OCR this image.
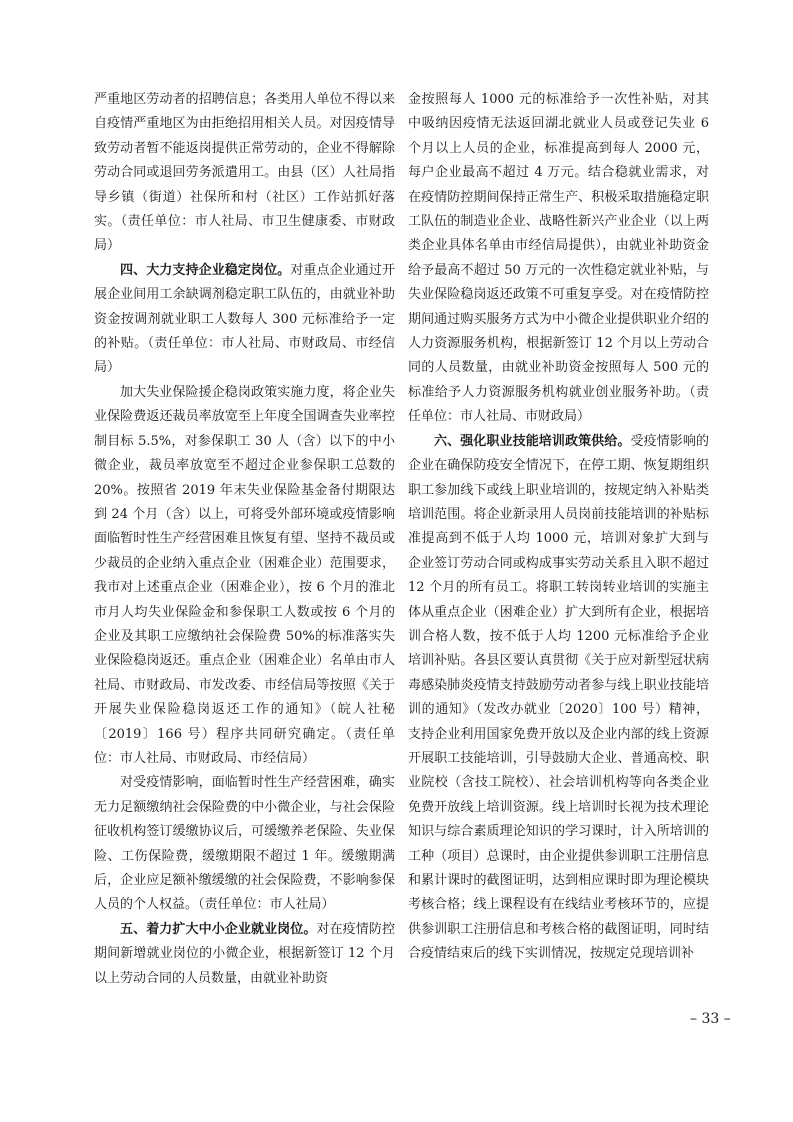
严重地区劳动者的招聘信息；各类用人单位不得以来自疫情严重地区为由拒绝招用相关人员。对因疫情导致劳动者暂不能返岗提供正常劳动的，企业不得解除劳动合同或退回劳务派遣用工。由县（区）人社局指导乡镇（街道）社保所和村（社区）工作站抓好落实。（责任单位：市人社局、市卫生健康委、市财政局）

四、大力支持企业稳定岗位。对重点企业通过开展企业间用工余缺调剂稳定职工队伍的，由就业补助资金按调剂就业职工人数每人 300 元标准给予一定的补贴。（责任单位：市人社局、市财政局、市经信局）

加大失业保险援企稳岗政策实施力度，将企业失业保险费返还裁员率放宽至上年度全国调查失业率控制目标 5.5%，对参保职工 30 人（含）以下的中小微企业，裁员率放宽至不超过企业参保职工总数的 20%。按照省 2019 年末失业保险基金备付期限达到 24 个月（含）以上，可将受外部环境或疫情影响面临暂时性生产经营困难且恢复有望、坚持不裁员或少裁员的企业纳入重点企业（困难企业）范围要求，我市对上述重点企业（困难企业），按 6 个月的淮北市月人均失业保险金和参保职工人数或按 6 个月的企业及其职工应缴纳社会保险费 50%的标准落实失业保险稳岗返还。重点企业（困难企业）名单由市人社局、市财政局、市发改委、市经信局等按照《关于开展失业保险稳岗返还工作的通知》（皖人社秘〔2019〕166 号）程序共同研究确定。（责任单位：市人社局、市财政局、市经信局）

对受疫情影响，面临暂时性生产经营困难，确实无力足额缴纳社会保险费的中小微企业，与社会保险征收机构签订缓缴协议后，可缓缴养老保险、失业保险、工伤保险费，缓缴期限不超过 1 年。缓缴期满后，企业应足额补缴缓缴的社会保险费，不影响参保人员的个人权益。（责任单位：市人社局）

五、着力扩大中小企业就业岗位。对在疫情防控期间新增就业岗位的小微企业，根据新签订 12 个月以上劳动合同的人员数量，由就业补助资

金按照每人 1000 元的标准给予一次性补贴，对其中吸纳因疫情无法返回湖北就业人员或登记失业 6 个月以上人员的企业，标准提高到每人 2000 元，每户企业最高不超过 4 万元。结合稳就业需求，对在疫情防控期间保持正常生产、积极采取措施稳定职工队伍的制造业企业、战略性新兴产业企业（以上两类企业具体名单由市经信局提供），由就业补助资金给予最高不超过 50 万元的一次性稳定就业补贴，与失业保险稳岗返还政策不可重复享受。对在疫情防控期间通过购买服务方式为中小微企业提供职业介绍的人力资源服务机构，根据新签订 12 个月以上劳动合同的人员数量，由就业补助资金按照每人 500 元的标准给予人力资源服务机构就业创业服务补助。（责任单位：市人社局、市财政局）

六、强化职业技能培训政策供给。受疫情影响的企业在确保防疫安全情况下，在停工期、恢复期组织职工参加线下或线上职业培训的，按规定纳入补贴类培训范围。将企业新录用人员岗前技能培训的补贴标准提高到不低于人均 1000 元，培训对象扩大到与企业签订劳动合同或构成事实劳动关系且入职不超过 12 个月的所有员工。将职工转岗转业培训的实施主体从重点企业（困难企业）扩大到所有企业，根据培训合格人数，按不低于人均 1200 元标准给予企业培训补贴。各县区要认真贯彻《关于应对新型冠状病毒感染肺炎疫情支持鼓励劳动者参与线上职业技能培训的通知》（发改办就业〔2020〕100 号）精神，支持企业利用国家免费开放以及企业内部的线上资源开展职工技能培训，引导鼓励大企业、普通高校、职业院校（含技工院校）、社会培训机构等向各类企业免费开放线上培训资源。线上培训时长视为技术理论知识与综合素质理论知识的学习课时，计入所培训的工种（项目）总课时，由企业提供参训职工注册信息和累计课时的截图证明，达到相应课时即为理论模块考核合格；线上课程设有在线结业考核环节的，应提供参训职工注册信息和考核合格的截图证明，同时结合疫情结束后的线下实训情况，按规定兑现培训补

– 33 –
